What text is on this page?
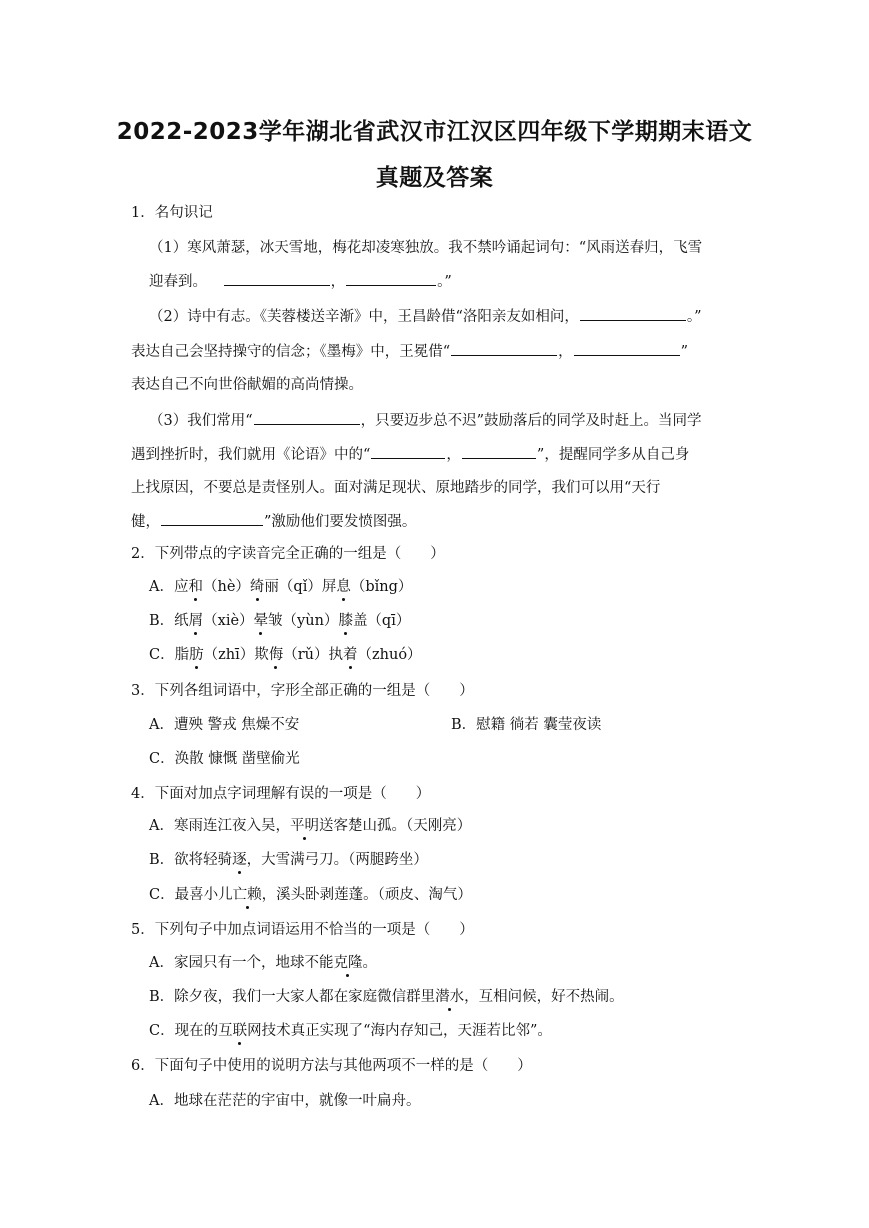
2022-2023学年湖北省武汉市江汉区四年级下学期期末语文
真题及答案
1．名句识记
（1）寒风萧瑟，冰天雪地，梅花却凌寒独放。我不禁吟诵起词句：“风雨送春归，飞雪
迎春到。	，	。”
（2）诗中有志。《芙蓉楼送辛渐》中，王昌龄借“洛阳亲友如相问，	。”
表达自己会坚持操守的信念；《墨梅》中，王冕借“	，	”
表达自己不向世俗献媚的高尚情操。
（3）我们常用“	，只要迈步总不迟”鼓励落后的同学及时赶上。当同学
遇到挫折时，我们就用《论语》中的“	，	”，提醒同学多从自己身
上找原因，不要总是责怪别人。面对满足现状、原地踏步的同学，我们可以用“天行
健，	”激励他们要发愤图强。
2．下列带点的字读音完全正确的一组是（　　）
A．应和（hè）绮丽（qǐ）屏息（bǐng）
B．纸屑（xiè）晕皱（yùn）膝盖（qī）
C．脂肪（zhī）欺侮（rǔ）执着（zhuó）
3．下列各组词语中，字形全部正确的一组是（　　）
A．遭殃 警戎 焦燥不安	B．慰籍 徜若 囊莹夜读
C．涣散 慷慨 凿壁偷光
4．下面对加点字词理解有误的一项是（　　）
A．寒雨连江夜入吴，平明送客楚山孤。（天刚亮）
B．欲将轻骑逐，大雪满弓刀。（两腿跨坐）
C．最喜小儿亡赖，溪头卧剥莲蓬。（顽皮、淘气）
5．下列句子中加点词语运用不恰当的一项是（　　）
A．家园只有一个，地球不能克隆。
B．除夕夜，我们一大家人都在家庭微信群里潜水，互相问候，好不热闹。
C．现在的互联网技术真正实现了“海内存知己，天涯若比邻”。
6．下面句子中使用的说明方法与其他两项不一样的是（　　）
A．地球在茫茫的宇宙中，就像一叶扁舟。
